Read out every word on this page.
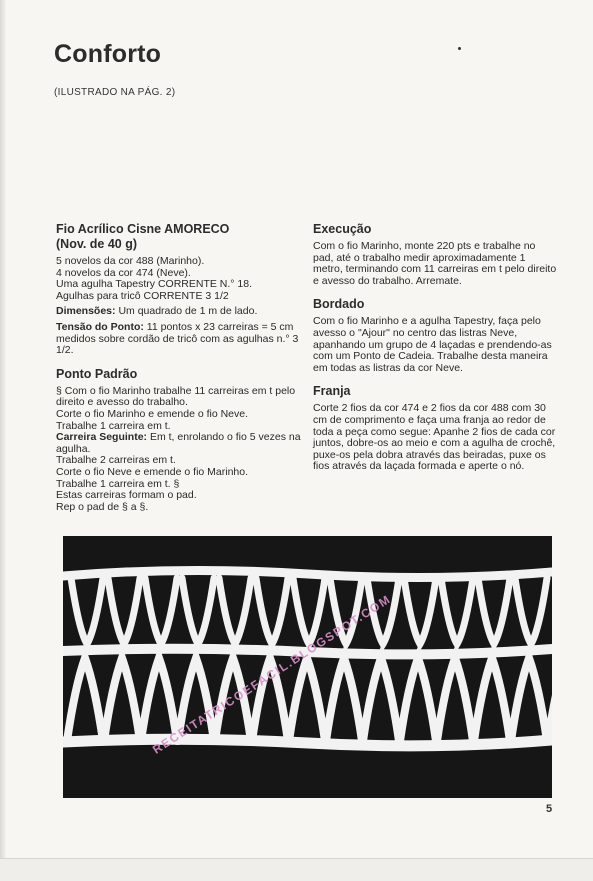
Conforto
(ILUSTRADO NA PÁG. 2)
Fio Acrílico Cisne AMORECO
(Nov. de 40 g)

5 novelos da cor 488 (Marinho).

4 novelos da cor 474 (Neve).

Uma agulha Tapestry CORRENTE N.° 18.

Agulhas para tricô CORRENTE 3 1/2

Dimensões: Um quadrado de 1 m de lado.

Tensão do Ponto: 11 pontos x 23 carreiras = 5 cm medidos sobre cordão de tricô com as agulhas n.° 3 1/2.

Ponto Padrão

§ Com o fio Marinho trabalhe 11 carreiras em t pelo direito e avesso do trabalho.

Corte o fio Marinho e emende o fio Neve.

Trabalhe 1 carreira em t.

Carreira Seguinte: Em t, enrolando o fio 5 vezes na agulha.

Trabalhe 2 carreiras em t.

Corte o fio Neve e emende o fio Marinho.

Trabalhe 1 carreira em t. §

Estas carreiras formam o pad.

Rep o pad de § a §.

Execução

Com o fio Marinho, monte 220 pts e trabalhe no pad, até o trabalho medir aproximadamente 1 metro, terminando com 11 carreiras em t pelo direito e avesso do trabalho. Arremate.

Bordado

Com o fio Marinho e a agulha Tapestry, faça pelo avesso o "Ajour" no centro das listras Neve, apanhando um grupo de 4 laçadas e prendendo-as com um Ponto de Cadeia. Trabalhe desta maneira em todas as listras da cor Neve.

Franja

Corte 2 fios da cor 474 e 2 fios da cor 488 com 30 cm de comprimento e faça uma franja ao redor de toda a peça como segue: Apanhe 2 fios de cada cor juntos, dobre-os ao meio e com a agulha de crochê, puxe-os pela dobra através das beiradas, puxe os fios através da laçada formada e aperte o nó.

RECEITATRICOEFACIL.BLOGSPOT.COM
5
